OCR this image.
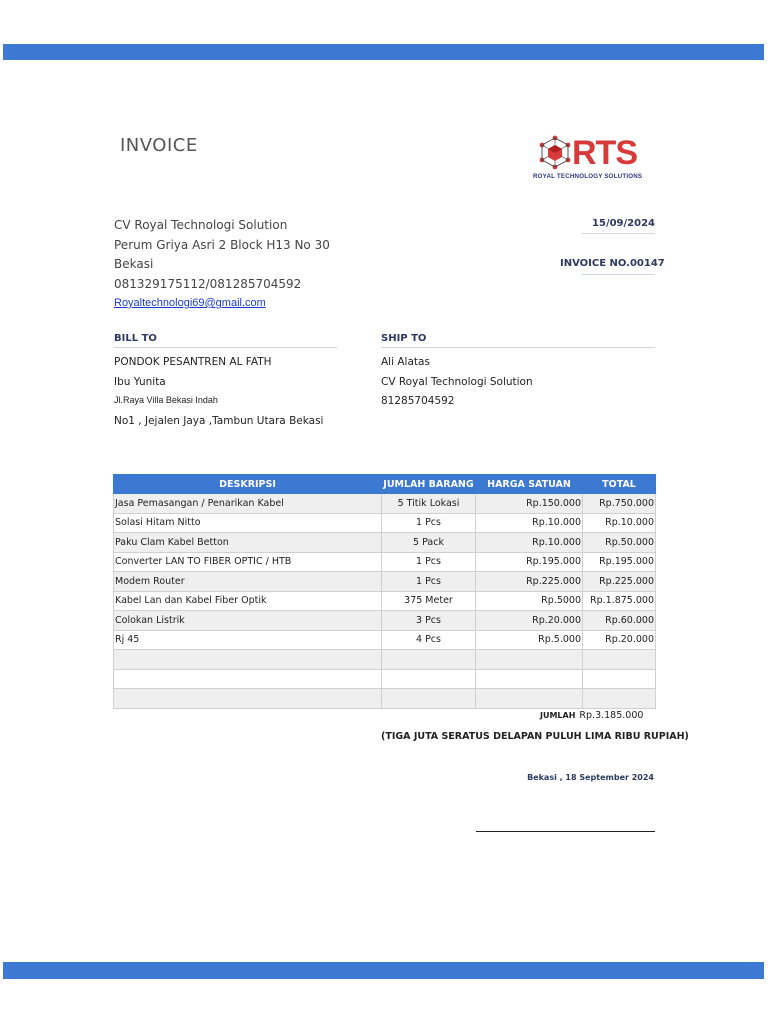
INVOICE	RTS
ROYAL TECHNOLOGY SOLUTIONS
CV Royal Technologi Solution
Perum Griya Asri 2 Block H13 No 30
Bekasi
081329175112/081285704592
Royaltechnologi69@gmail.com
15/09/2024
INVOICE NO.00147
BILL TO	SHIP TO
PONDOK PESANTREN AL FATH
Ibu Yunita
Jl.Raya Villa Bekasi Indah
No1 , Jejalen Jaya ,Tambun Utara Bekasi
Ali Alatas
CV Royal Technologi Solution
81285704592
DESKRIPSI	JUMLAH BARANG	HARGA SATUAN	TOTAL
Jasa Pemasangan / Penarikan Kabel	5 Titik Lokasi	Rp.150.000	Rp.750.000
Solasi Hitam Nitto	1 Pcs	Rp.10.000	Rp.10.000
Paku Clam Kabel Betton	5 Pack	Rp.10.000	Rp.50.000
Converter LAN TO FIBER OPTIC / HTB	1 Pcs	Rp.195.000	Rp.195.000
Modem Router	1 Pcs	Rp.225.000	Rp.225.000
Kabel Lan dan Kabel Fiber Optik	375 Meter	Rp.5000	Rp.1.875.000
Colokan Listrik	3 Pcs	Rp.20.000	Rp.60.000
Rj 45	4 Pcs	Rp.5.000	Rp.20.000

JUMLAH Rp.3.185.000
(TIGA JUTA SERATUS DELAPAN PULUH LIMA RIBU RUPIAH)
Bekasi , 18 September 2024
